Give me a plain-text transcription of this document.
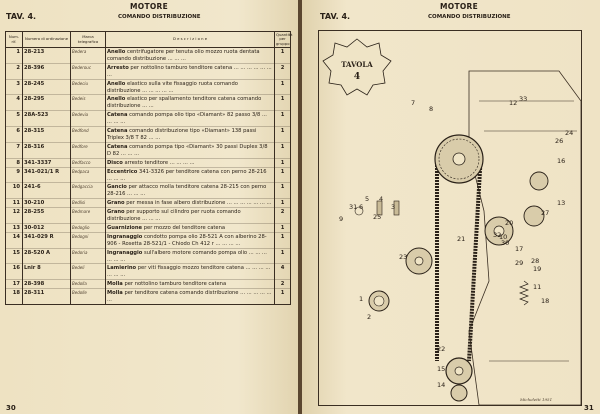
MOTORE
TAV. 4.	COMANDO DISTRIBUZIONE
Num. rif.	Numero di ordinazione	Marca telegrafica	D e s c r i z i o n e	Quantità per gruppo
1	28-213	Bedera	Anello centrifugatore per tenuta olio mozzo ruota dentata comando distribuzione ... ... ...	1
2	28-396	Bederouc	Arresto per nottolino tamburo tenditore catena ... ... ... ... ... ... ...	2
3	28-245	Bedeciu	Anello elastico sulla vite fissaggio ruota comando distribuzione ... ... ... ... ...	1
4	28-295	Bedeis	Anello elastico per spallamento tenditore catena comando distribuzione ... ...	1
5	28A-523	Bedevia	Catena comando pompa olio tipo «Diamant» 82 passo 3/8 ... ... ... ...	1
6	28-315	Bedfond	Catena comando distribuzione tipo «Diamant» 138 passi Triplex 3/8 T 82 ... ...	1
7	28-316	Bedfore	Catena comando pompa tipo «Diamant» 30 passi Duplex 3/8 D 82 ... ... ...	1
8	341-3337	Bedfacco	Disco arresto tenditore ... ... ... ...	1
9	341-021/1 R	Bedpaca	Eccentrico 341-3326 per tenditore catena con perno 28-216 ... ... ...	1
10	241-6	Bedgaccia	Gancio per attacco molla tenditore catena 28-215 con perno 28-216 ... ... ...	1
11	30-210	Bedlisi	Grano per messa in fase albero distribuzione ... ... ... ... ... ... ...	1
12	28-255	Bedmare	Grano per supporto sul cilindro per ruota comando distribuzione ... ... ...	2
13	30-012	Bedoglio	Guarnizione per mozzo del tenditore catena	1
14	341-029 R	Bedogni	Ingranaggio condotto pompa olio 28-521 A con alberino 28-906 - Rosetta 28-521/1 - Chiodo Ch 412 r ... ... ... ...	1
15	28-520 A	Bedoria	Ingranaggio sull'albero motore comando pompa olio ... ... ... ... ... ...	1
16	Lnir 8	Bedeli	Lamierino per viti fissaggio mozzo tenditore catena ... ... ... ... ... ... ...	4
17	28-398	Bedolla	Molla per nottolino tamburo tenditore catena	2
18	28-311	Bedolle	Molla per tenditore catena comando distribuzione ... ... ... ... ... ...	1
30
MOTORE
TAV. 4.	COMANDO DISTRIBUZIONE
31
TAVOLA
4
1
2
3
4
5
6
7
8
9
10
11
12
13
14
15
16
17
18
19
20
21
22
23
24
25
26
27
28
29
30
31
32
33
Micheletti 1951
